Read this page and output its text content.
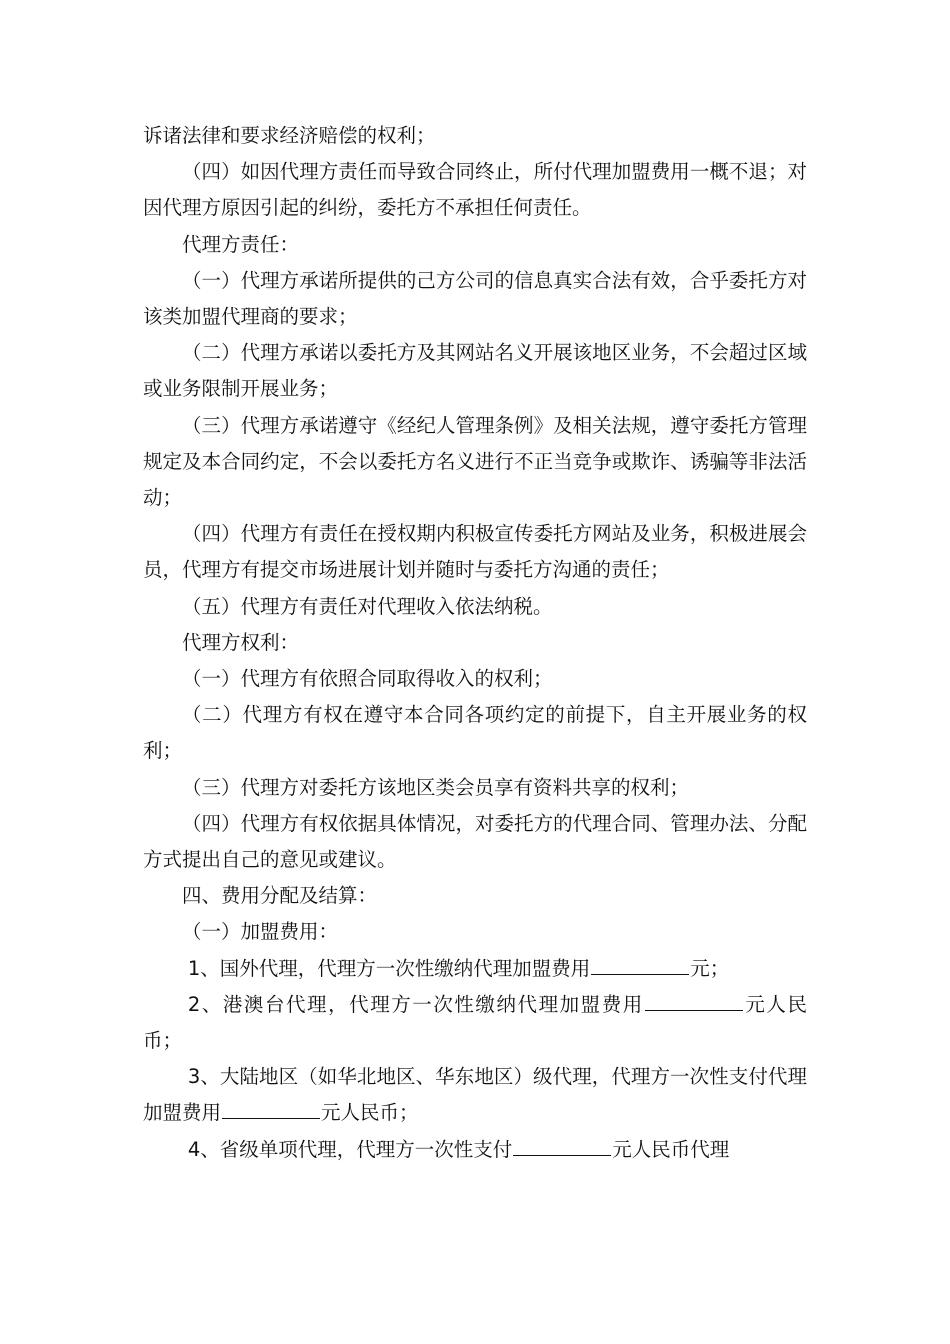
诉诸法律和要求经济赔偿的权利；

（四）如因代理方责任而导致合同终止，所付代理加盟费用一概不退；对因代理方原因引起的纠纷，委托方不承担任何责任。

代理方责任：

（一）代理方承诺所提供的己方公司的信息真实合法有效，合乎委托方对该类加盟代理商的要求；

（二）代理方承诺以委托方及其网站名义开展该地区业务，不会超过区域或业务限制开展业务；

（三）代理方承诺遵守《经纪人管理条例》及相关法规，遵守委托方管理规定及本合同约定，不会以委托方名义进行不正当竞争或欺诈、诱骗等非法活动；

（四）代理方有责任在授权期内积极宣传委托方网站及业务，积极进展会员，代理方有提交市场进展计划并随时与委托方沟通的责任；

（五）代理方有责任对代理收入依法纳税。

代理方权利：

（一）代理方有依照合同取得收入的权利；

（二）代理方有权在遵守本合同各项约定的前提下，自主开展业务的权利；

（三）代理方对委托方该地区类会员享有资料共享的权利；

（四）代理方有权依据具体情况，对委托方的代理合同、管理办法、分配方式提出自己的意见或建议。

四、费用分配及结算：

（一）加盟费用：

1、国外代理，代理方一次性缴纳代理加盟费用	元；

2、港澳台代理，代理方一次性缴纳代理加盟费用	元人民币；

3、大陆地区（如华北地区、华东地区）级代理，代理方一次性支付代理加盟费用	元人民币；

4、省级单项代理，代理方一次性支付	元人民币代理
